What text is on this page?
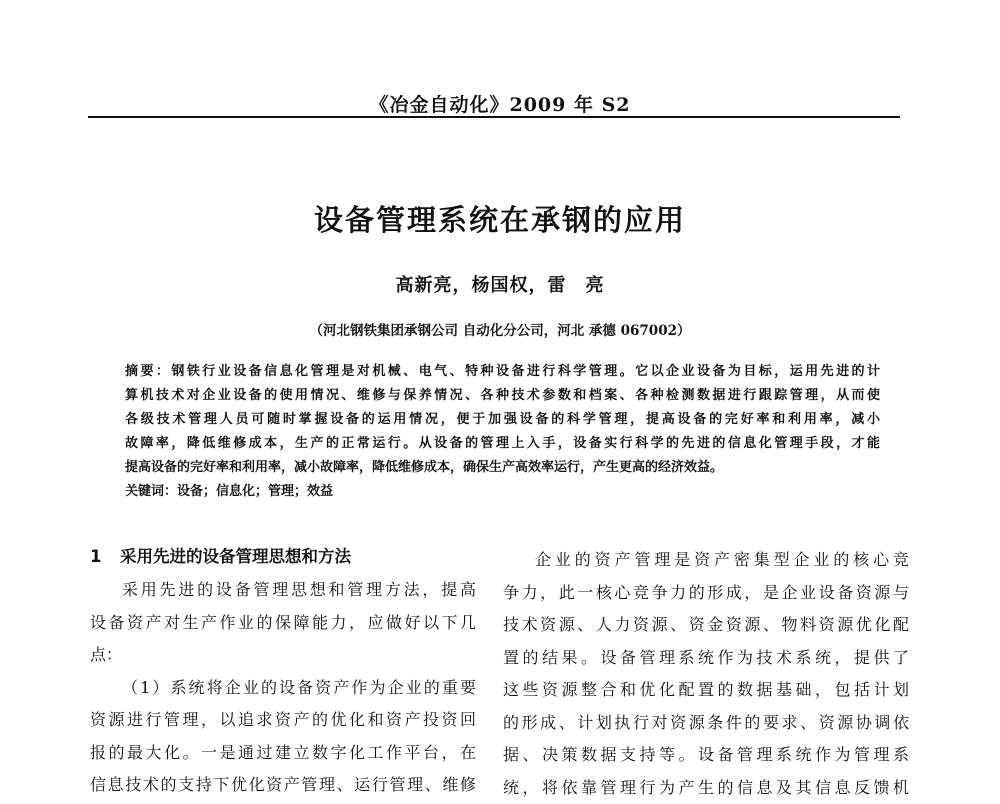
《冶金自动化》2009 年 S2
设备管理系统在承钢的应用
高新亮，杨国权，雷　亮
（河北钢铁集团承钢公司 自动化分公司，河北 承德 067002）
摘要：钢铁行业设备信息化管理是对机械、电气、特种设备进行科学管理。它以企业设备为目标，运用先进的计
算机技术对企业设备的使用情况、维修与保养情况、各种技术参数和档案、各种检测数据进行跟踪管理，从而使
各级技术管理人员可随时掌握设备的运用情况，便于加强设备的科学管理，提高设备的完好率和利用率，减小
故障率，降低维修成本，生产的正常运行。从设备的管理上入手，设备实行科学的先进的信息化管理手段，才能
提高设备的完好率和利用率，减小故障率，降低维修成本，确保生产高效率运行，产生更高的经济效益。
关键词：设备；信息化；管理；效益
1 采用先进的设备管理思想和方法
采用先进的设备管理思想和管理方法，提高
设备资产对生产作业的保障能力，应做好以下几
点：
（1）系统将企业的设备资产作为企业的重要
资源进行管理，以追求资产的优化和资产投资回
报的最大化。一是通过建立数字化工作平台，在
信息技术的支持下优化资产管理、运行管理、维修
企业的资产管理是资产密集型企业的核心竞
争力，此一核心竞争力的形成，是企业设备资源与
技术资源、人力资源、资金资源、物料资源优化配
置的结果。设备管理系统作为技术系统，提供了
这些资源整合和优化配置的数据基础，包括计划
的形成、计划执行对资源条件的要求、资源协调依
据、决策数据支持等。设备管理系统作为管理系
统，将依靠管理行为产生的信息及其信息反馈机
